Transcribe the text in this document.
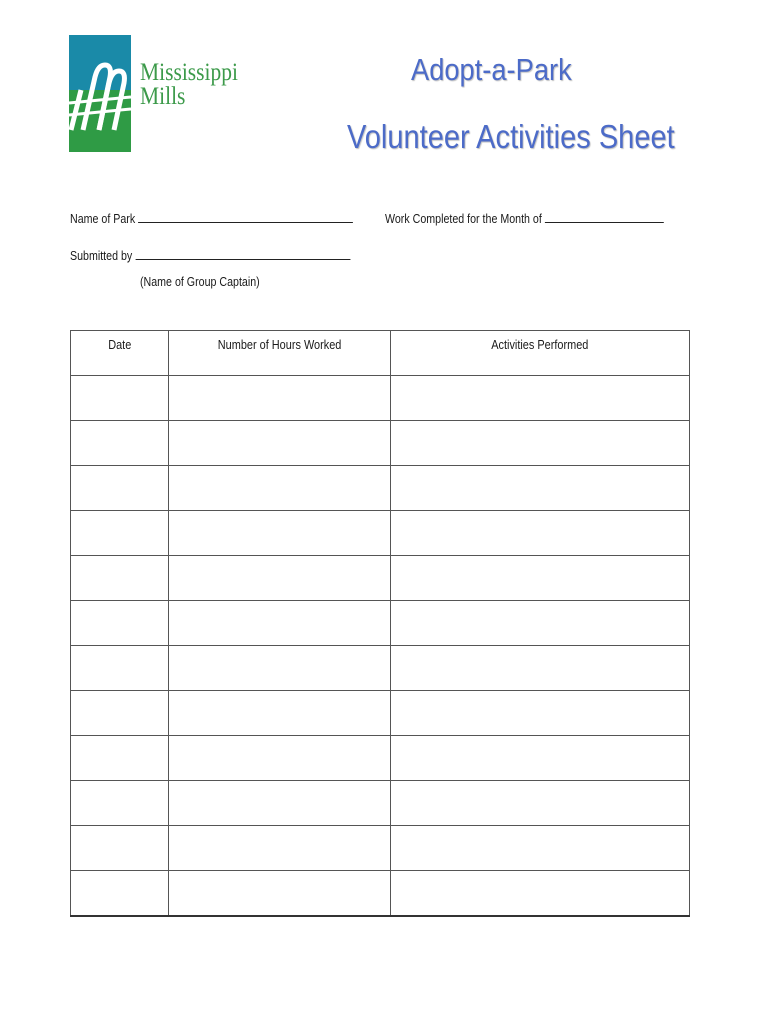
Mississippi
Mills
Adopt-a-Park
Volunteer Activities Sheet
Name of Park	Work Completed for the Month of
Submitted by
(Name of Group Captain)
Date	Number of Hours Worked	Activities Performed
